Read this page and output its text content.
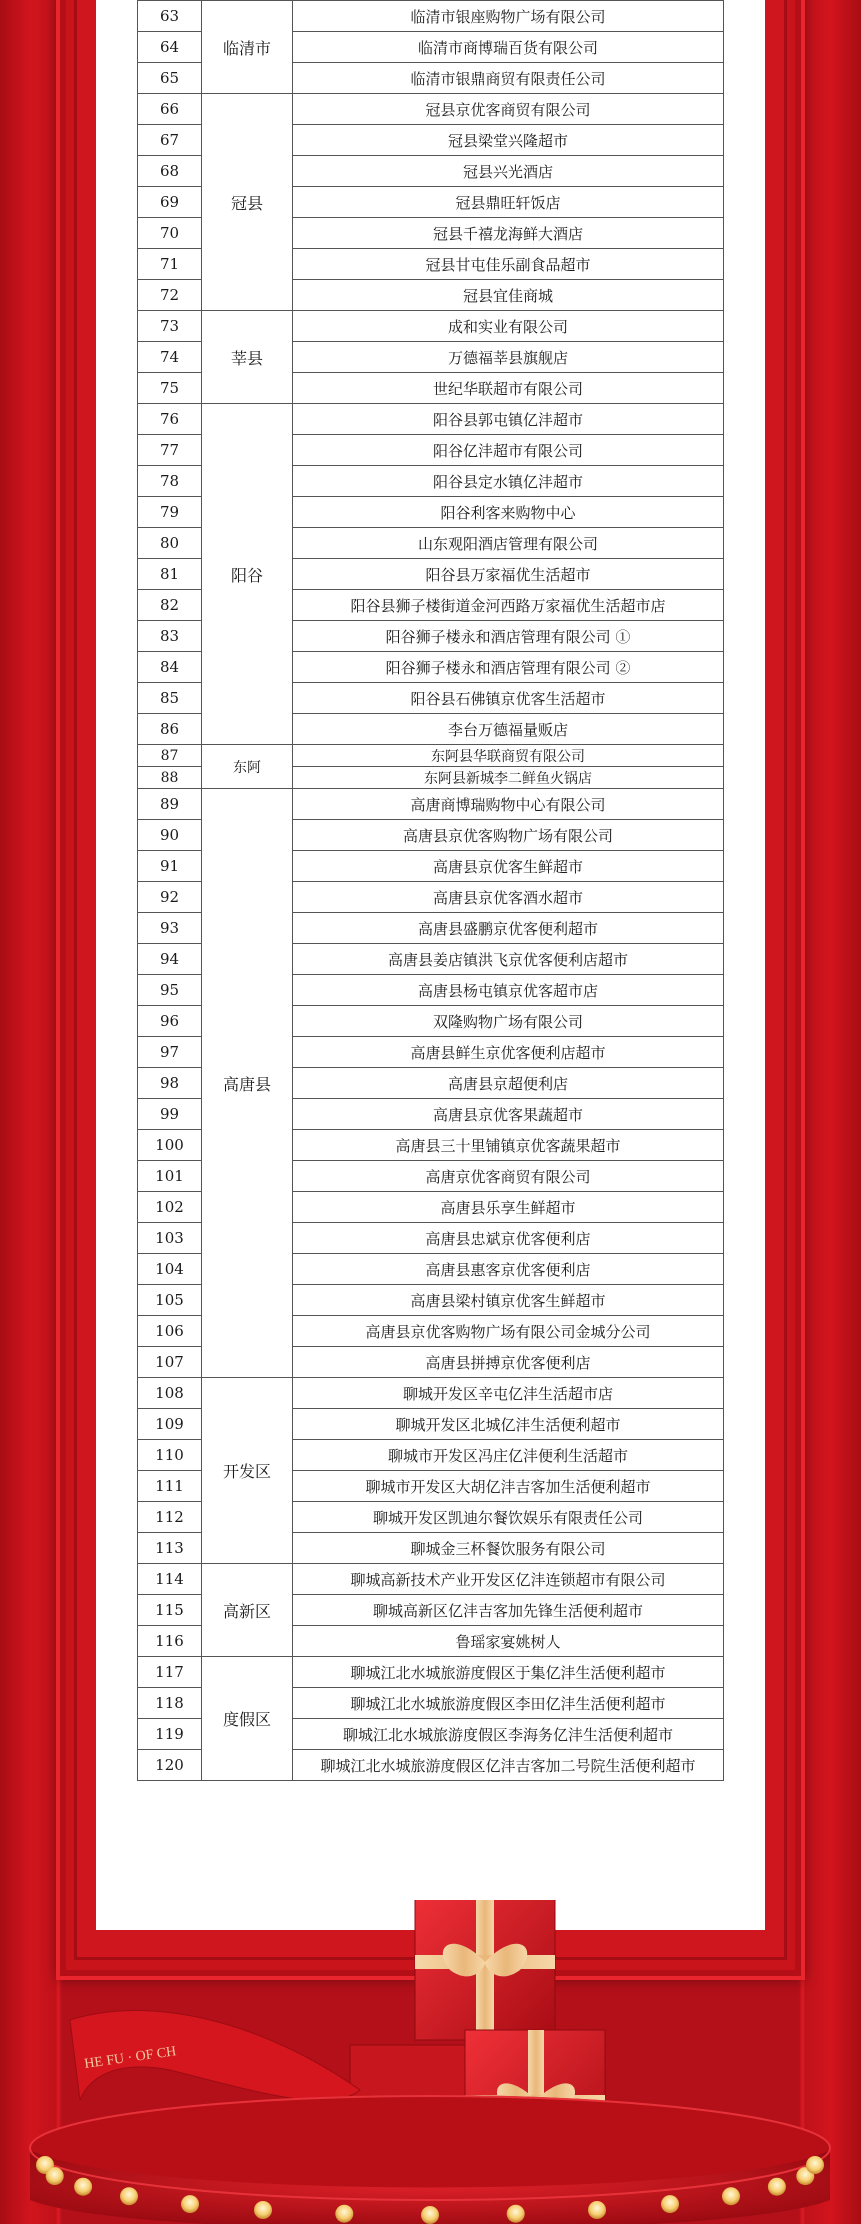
63	临清市	临清市银座购物广场有限公司
64		临清市商博瑞百货有限公司
65		临清市银鼎商贸有限责任公司
66	冠县	冠县京优客商贸有限公司
67		冠县梁堂兴隆超市
68		冠县兴光酒店
69		冠县鼎旺轩饭店
70		冠县千禧龙海鲜大酒店
71		冠县甘屯佳乐副食品超市
72		冠县宜佳商城
73	莘县	成和实业有限公司
74		万德福莘县旗舰店
75		世纪华联超市有限公司
76	阳谷	阳谷县郭屯镇亿沣超市
77		阳谷亿沣超市有限公司
78		阳谷县定水镇亿沣超市
79		阳谷利客来购物中心
80		山东观阳酒店管理有限公司
81		阳谷县万家福优生活超市
82		阳谷县狮子楼街道金河西路万家福优生活超市店
83		阳谷狮子楼永和酒店管理有限公司 ①
84		阳谷狮子楼永和酒店管理有限公司 ②
85		阳谷县石佛镇京优客生活超市
86		李台万德福量贩店
87	东阿	东阿县华联商贸有限公司
88		东阿县新城李二鲜鱼火锅店
89	高唐县	高唐商博瑞购物中心有限公司
90		高唐县京优客购物广场有限公司
91		高唐县京优客生鲜超市
92		高唐县京优客酒水超市
93		高唐县盛鹏京优客便利超市
94		高唐县姜店镇洪飞京优客便利店超市
95		高唐县杨屯镇京优客超市店
96		双隆购物广场有限公司
97		高唐县鲜生京优客便利店超市
98		高唐县京超便利店
99		高唐县京优客果蔬超市
100		高唐县三十里铺镇京优客蔬果超市
101		高唐京优客商贸有限公司
102		高唐县乐享生鲜超市
103		高唐县忠斌京优客便利店
104		高唐县惠客京优客便利店
105		高唐县梁村镇京优客生鲜超市
106		高唐县京优客购物广场有限公司金城分公司
107		高唐县拼搏京优客便利店
108	开发区	聊城开发区辛屯亿沣生活超市店
109		聊城开发区北城亿沣生活便利超市
110		聊城市开发区冯庄亿沣便利生活超市
111		聊城市开发区大胡亿沣吉客加生活便利超市
112		聊城开发区凯迪尔餐饮娱乐有限责任公司
113		聊城金三杯餐饮服务有限公司
114	高新区	聊城高新技术产业开发区亿沣连锁超市有限公司
115		聊城高新区亿沣吉客加先锋生活便利超市
116		鲁瑶家宴姚树人
117	度假区	聊城江北水城旅游度假区于集亿沣生活便利超市
118		聊城江北水城旅游度假区李田亿沣生活便利超市
119		聊城江北水城旅游度假区李海务亿沣生活便利超市
120		聊城江北水城旅游度假区亿沣吉客加二号院生活便利超市
HE FU · OF CH
